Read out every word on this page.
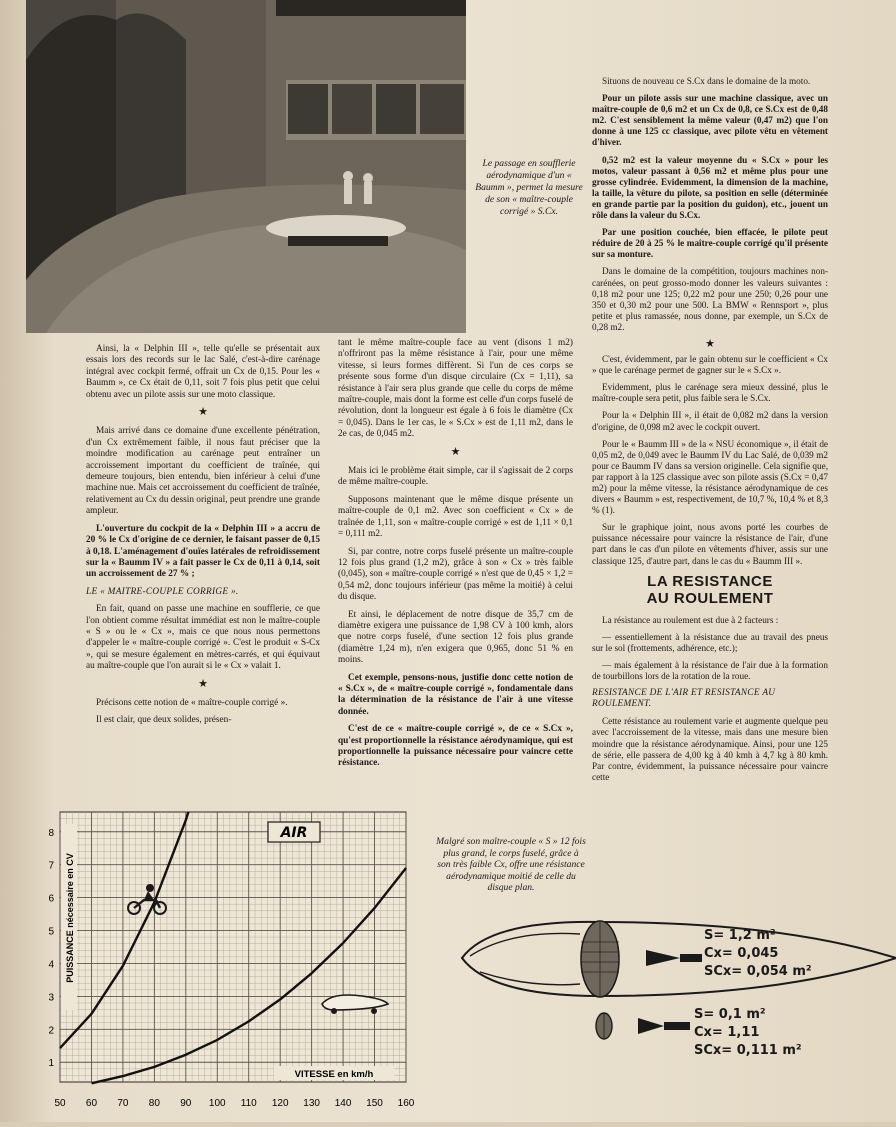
Le passage en soufflerie aérodynamique d'un « Baumm », permet la mesure de son « maître-couple corrigé » S.Cx.

Ainsi, la « Delphin III », telle qu'elle se présentait aux essais lors des records sur le lac Salé, c'est-à-dire carénage intégral avec cockpit fermé, offrait un Cx de 0,15. Pour les « Baumm », ce Cx était de 0,11, soit 7 fois plus petit que celui obtenu avec un pilote assis sur une moto classique.

★

Mais arrivé dans ce domaine d'une excellente pénétration, d'un Cx extrêmement faible, il nous faut préciser que la moindre modification au carénage peut entraîner un accroissement important du coefficient de traînée, qui demeure toujours, bien entendu, bien inférieur à celui d'une machine nue. Mais cet accroissement du coefficient de traînée, relativement au Cx du dessin original, peut prendre une grande ampleur.

L'ouverture du cockpit de la « Delphin III » a accru de 20 % le Cx d'origine de ce dernier, le faisant passer de 0,15 à 0,18. L'aménagement d'ouïes latérales de refroidissement sur la « Baumm IV » a fait passer le Cx de 0,11 à 0,14, soit un accroissement de 27 % ;

LE « MAITRE-COUPLE CORRIGE ».

En fait, quand on passe une machine en soufflerie, ce que l'on obtient comme résultat immédiat est non le maître-couple « S » ou le « Cx », mais ce que nous nous permettons d'appeler le « maître-couple corrigé ». C'est le produit « S-Cx », qui se mesure également en mètres-carrés, et qui équivaut au maître-couple que l'on aurait si le « Cx » valait 1.

★

Précisons cette notion de « maître-couple corrigé ».

Il est clair, que deux solides, présen-

tant le même maître-couple face au vent (disons 1 m2) n'offriront pas la même résistance à l'air, pour une même vitesse, si leurs formes diffèrent. Si l'un de ces corps se présente sous forme d'un disque circulaire (Cx = 1,11), sa résistance à l'air sera plus grande que celle du corps de même maître-couple, mais dont la forme est celle d'un corps fuselé de révolution, dont la longueur est égale à 6 fois le diamètre (Cx = 0,045). Dans le 1er cas, le « S.Cx » est de 1,11 m2, dans le 2e cas, de 0,045 m2.

★

Mais ici le problème était simple, car il s'agissait de 2 corps de même maître-couple.

Supposons maintenant que le même disque présente un maître-couple de 0,1 m2. Avec son coefficient « Cx » de traînée de 1,11, son « maître-couple corrigé » est de 1,11 × 0,1 = 0,111 m2.

Si, par contre, notre corps fuselé présente un maître-couple 12 fois plus grand (1,2 m2), grâce à son « Cx » très faible (0,045), son « maître-couple corrigé » n'est que de 0,45 × 1,2 = 0,54 m2, donc toujours inférieur (pas même la moitié) à celui du disque.

Et ainsi, le déplacement de notre disque de 35,7 cm de diamètre exigera une puissance de 1,98 CV à 100 kmh, alors que notre corps fuselé, d'une section 12 fois plus grande (diamètre 1,24 m), n'en exigera que 0,965, donc 51 % en moins.

Cet exemple, pensons-nous, justifie donc cette notion de « S.Cx », de « maître-couple corrigé », fondamentale dans la détermination de la résistance de l'air à une vitesse donnée.

C'est de ce « maître-couple corrigé », de ce « S.Cx », qu'est proportionnelle la résistance aérodynamique, qui est proportionnelle la puissance nécessaire pour vaincre cette résistance.

Situons de nouveau ce S.Cx dans le domaine de la moto.

Pour un pilote assis sur une machine classique, avec un maître-couple de 0,6 m2 et un Cx de 0,8, ce S.Cx est de 0,48 m2. C'est sensiblement la même valeur (0,47 m2) que l'on donne à une 125 cc classique, avec pilote vêtu en vêtement d'hiver.

0,52 m2 est la valeur moyenne du « S.Cx » pour les motos, valeur passant à 0,56 m2 et même plus pour une grosse cylindrée. Evidemment, la dimension de la machine, la taille, la vêture du pilote, sa position en selle (déterminée en grande partie par la position du guidon), etc., jouent un rôle dans la valeur du S.Cx.

Par une position couchée, bien effacée, le pilote peut réduire de 20 à 25 % le maître-couple corrigé qu'il présente sur sa monture.

Dans le domaine de la compétition, toujours machines non-carénées, on peut grosso-modo donner les valeurs suivantes : 0,18 m2 pour une 125; 0,22 m2 pour une 250; 0,26 pour une 350 et 0,30 m2 pour une 500. La BMW « Rennsport », plus petite et plus ramassée, nous donne, par exemple, un S.Cx de 0,28 m2.

★

C'est, évidemment, par le gain obtenu sur le coefficient « Cx » que le carénage permet de gagner sur le « S.Cx ».

Evidemment, plus le carénage sera mieux dessiné, plus le maître-couple sera petit, plus faible sera le S.Cx.

Pour la « Delphin III », il était de 0,082 m2 dans la version d'origine, de 0,098 m2 avec le cockpit ouvert.

Pour le « Baumm III » de la « NSU économique », il était de 0,05 m2, de 0,049 avec le Baumm IV du Lac Salé, de 0,039 m2 pour ce Baumm IV dans sa version originelle. Cela signifie que, par rapport à la 125 classique avec son pilote assis (S.Cx = 0,47 m2) pour la même vitesse, la résistance aérodynamique de ces divers « Baumm » est, respectivement, de 10,7 %, 10,4 % et 8,3 % (1).

Sur le graphique joint, nous avons porté les courbes de puissance nécessaire pour vaincre la résistance de l'air, d'une part dans le cas d'un pilote en vêtements d'hiver, assis sur une classique 125, d'autre part, dans le cas du « Baumm III ».

LA RESISTANCE
AU ROULEMENT

La résistance au roulement est due à 2 facteurs :

— essentiellement à la résistance due au travail des pneus sur le sol (frottements, adhérence, etc.);

— mais également à la résistance de l'air due à la formation de tourbillons lors de la rotation de la roue.

RESISTANCE DE L'AIR ET RESISTANCE AU ROULEMENT.

Cette résistance au roulement varie et augmente quelque peu avec l'accroissement de la vitesse, mais dans une mesure bien moindre que la résistance aérodynamique. Ainsi, pour une 125 de série, elle passera de 4,00 kg à 40 kmh à 4,7 kg à 80 kmh. Par contre, évidemment, la puissance nécessaire pour vaincre cette

50 60 70 80 90 100 110 120 130 140 150 160
1
2
3
4
5
6
7
8	AIR
VITESSE en km/h
PUISSANCE nécessaire en CV
Malgré son maître-couple « S » 12 fois plus grand, le corps fuselé, grâce à son très faible Cx, offre une résistance aérodynamique moitié de celle du disque plan.
S= 1,2 m²
Cx= 0,045
SCx= 0,054 m²
S= 0,1 m²
Cx= 1,11
SCx= 0,111 m²
